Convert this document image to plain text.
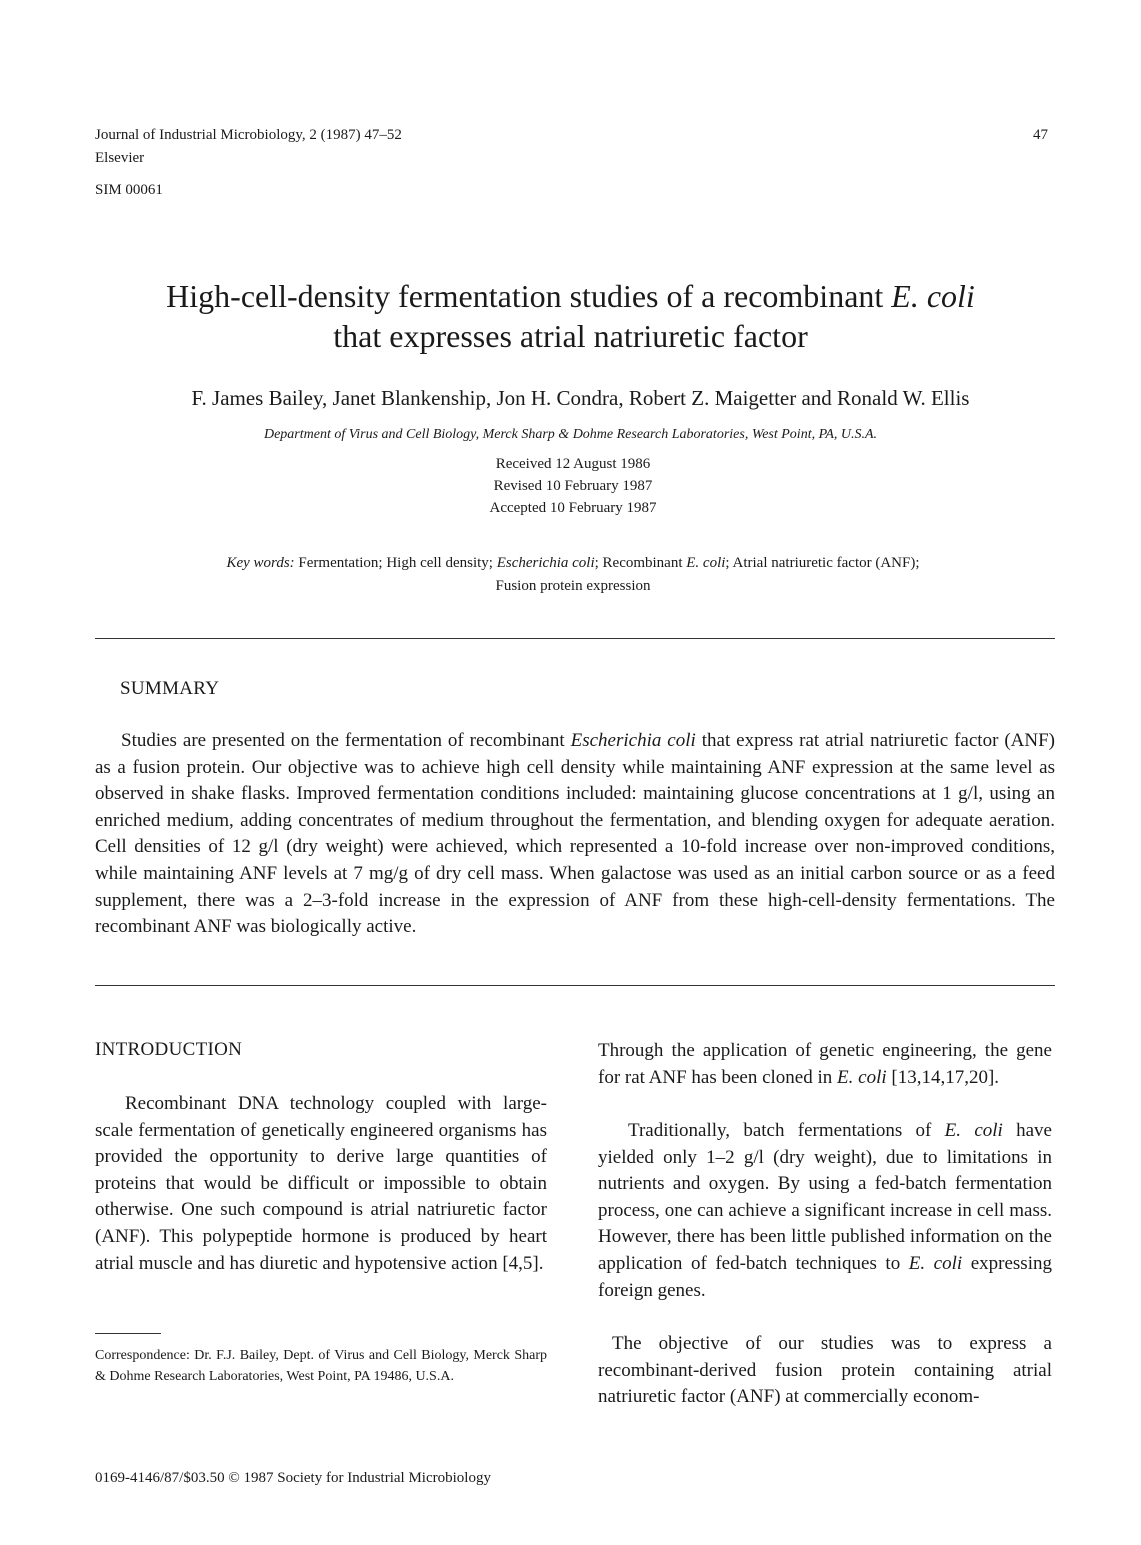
Journal of Industrial Microbiology, 2 (1987) 47–52
Elsevier
SIM 00061
47
High-cell-density fermentation studies of a recombinant E. coli
that expresses atrial natriuretic factor
F. James Bailey, Janet Blankenship, Jon H. Condra, Robert Z. Maigetter and Ronald W. Ellis
Department of Virus and Cell Biology, Merck Sharp & Dohme Research Laboratories, West Point, PA, U.S.A.
Received 12 August 1986
Revised 10 February 1987
Accepted 10 February 1987
Key words: Fermentation; High cell density; Escherichia coli; Recombinant E. coli; Atrial natriuretic factor (ANF);
Fusion protein expression
SUMMARY

Studies are presented on the fermentation of recombinant Escherichia coli that express rat atrial natriuretic factor (ANF) as a fusion protein. Our objective was to achieve high cell density while maintaining ANF expression at the same level as observed in shake flasks. Improved fermentation conditions included: maintaining glucose concentrations at 1 g/l, using an enriched medium, adding concentrates of medium throughout the fermentation, and blending oxygen for adequate aeration. Cell densities of 12 g/l (dry weight) were achieved, which represented a 10-fold increase over non-improved conditions, while maintaining ANF levels at 7 mg/g of dry cell mass. When galactose was used as an initial carbon source or as a feed supplement, there was a 2–3-fold increase in the expression of ANF from these high-cell-density fermentations. The recombinant ANF was biologically active.

INTRODUCTION

Recombinant DNA technology coupled with large-scale fermentation of genetically engineered organisms has provided the opportunity to derive large quantities of proteins that would be difficult or impossible to obtain otherwise. One such compound is atrial natriuretic factor (ANF). This polypeptide hormone is produced by heart atrial muscle and has diuretic and hypotensive action [4,5].

Through the application of genetic engineering, the gene for rat ANF has been cloned in E. coli [13,14,17,20].

Traditionally, batch fermentations of E. coli have yielded only 1–2 g/l (dry weight), due to limitations in nutrients and oxygen. By using a fed-batch fermentation process, one can achieve a significant increase in cell mass. However, there has been little published information on the application of fed-batch techniques to E. coli expressing foreign genes.

The objective of our studies was to express a recombinant-derived fusion protein containing atrial natriuretic factor (ANF) at commercially econom-

Correspondence: Dr. F.J. Bailey, Dept. of Virus and Cell Biology, Merck Sharp & Dohme Research Laboratories, West Point, PA 19486, U.S.A.

0169-4146/87/$03.50 © 1987 Society for Industrial Microbiology
